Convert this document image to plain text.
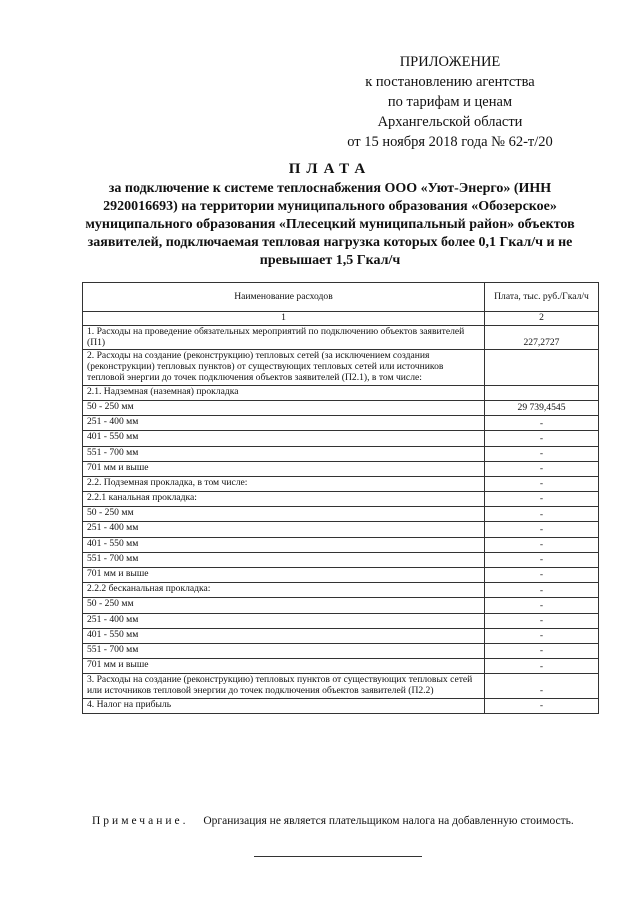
ПРИЛОЖЕНИЕ
к постановлению агентства
по тарифам и ценам
Архангельской области
от 15 ноября 2018 года № 62-т/20
ПЛАТА
за подключение к системе теплоснабжения ООО «Уют-Энерго» (ИНН 2920016693) на территории муниципального образования «Обозерское» муниципального образования «Плесецкий муниципальный район» объектов заявителей, подключаемая тепловая нагрузка которых более 0,1 Гкал/ч и не превышает 1,5 Гкал/ч
Наименование расходов	Плата, тыс. руб./Гкал/ч
1	2
1. Расходы на проведение обязательных мероприятий по подключению объектов заявителей (П1)	227,2727
2. Расходы на создание (реконструкцию) тепловых сетей (за исключением создания (реконструкции) тепловых пунктов) от существующих тепловых сетей или источников тепловой энергии до точек подключения объектов заявителей (П2.1), в том числе:	
2.1. Надземная (наземная) прокладка	
50 - 250 мм	29 739,4545
251 - 400 мм	-
401 - 550 мм	-
551 - 700 мм	-
701 мм и выше	-
2.2. Подземная прокладка, в том числе:	-
2.2.1 канальная прокладка:	-
50 - 250 мм	-
251 - 400 мм	-
401 - 550 мм	-
551 - 700 мм	-
701 мм и выше	-
2.2.2 бесканальная прокладка:	-
50 - 250 мм	-
251 - 400 мм	-
401 - 550 мм	-
551 - 700 мм	-
701 мм и выше	-
3. Расходы на создание (реконструкцию) тепловых пунктов от существующих тепловых сетей или источников тепловой энергии до точек подключения объектов заявителей (П2.2)	-
4. Налог на прибыль	-
Примечание. Организация не является плательщиком налога на добавленную стоимость.
